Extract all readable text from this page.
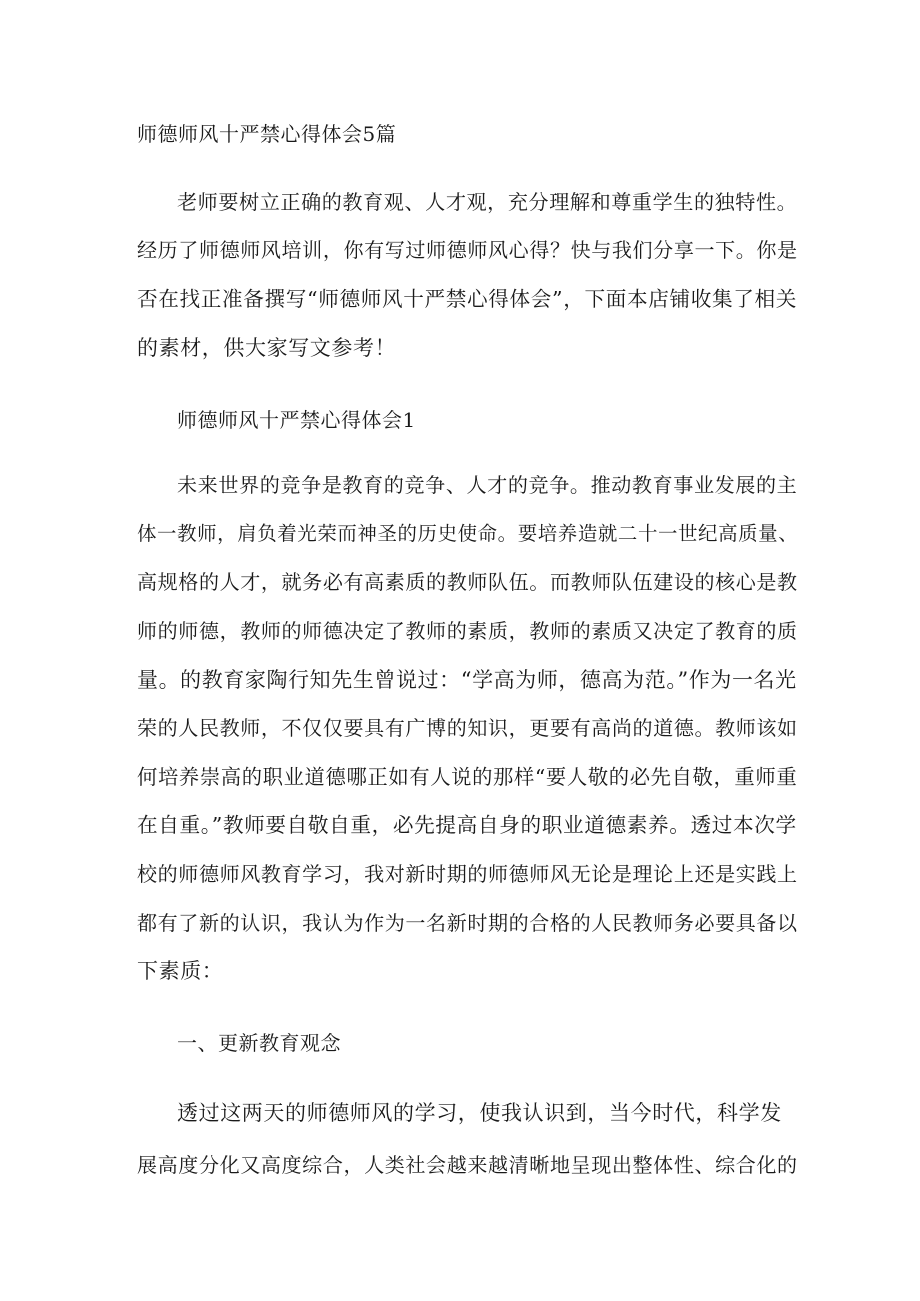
师德师风十严禁心得体会5篇
老师要树立正确的教育观、人才观，充分理解和尊重学生的独特性。
经历了师德师风培训，你有写过师德师风心得？快与我们分享一下。你是
否在找正准备撰写“师德师风十严禁心得体会”，下面本店铺收集了相关
的素材，供大家写文参考！
师德师风十严禁心得体会1
未来世界的竞争是教育的竞争、人才的竞争。推动教育事业发展的主
体一教师，肩负着光荣而神圣的历史使命。要培养造就二十一世纪高质量、
高规格的人才，就务必有高素质的教师队伍。而教师队伍建设的核心是教
师的师德，教师的师德决定了教师的素质，教师的素质又决定了教育的质
量。的教育家陶行知先生曾说过：“学高为师，德高为范。”作为一名光
荣的人民教师，不仅仅要具有广博的知识，更要有高尚的道德。教师该如
何培养崇高的职业道德哪正如有人说的那样“要人敬的必先自敬，重师重
在自重。”教师要自敬自重，必先提高自身的职业道德素养。透过本次学
校的师德师风教育学习，我对新时期的师德师风无论是理论上还是实践上
都有了新的认识，我认为作为一名新时期的合格的人民教师务必要具备以
下素质：
一、更新教育观念
透过这两天的师德师风的学习，使我认识到，当今时代，科学发
展高度分化又高度综合，人类社会越来越清晰地呈现出整体性、综合化的
